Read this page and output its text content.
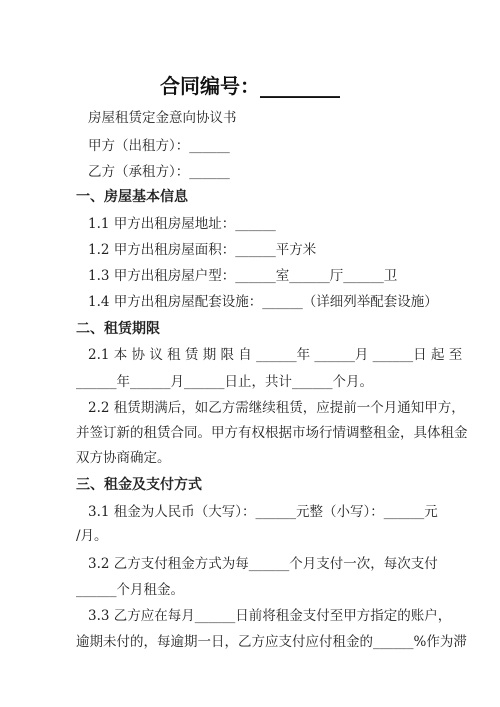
合同编号：________
房屋租赁定金意向协议书
甲方（出租方）：______
乙方（承租方）：______
一、房屋基本信息
1.1 甲方出租房屋地址：______
1.2 甲方出租房屋面积：______平方米
1.3 甲方出租房屋户型：______室______厅______卫
1.4 甲方出租房屋配套设施：______（详细列举配套设施）
二、租赁期限
2.1 本 协 议 租 赁 期 限 自 ______年 ______月 ______日 起 至
______年______月______日止，共计______个月。
2.2 租赁期满后，如乙方需继续租赁，应提前一个月通知甲方，
并签订新的租赁合同。甲方有权根据市场行情调整租金，具体租金
双方协商确定。
三、租金及支付方式
3.1 租金为人民币（大写）：______元整（小写）：______元
/月。
3.2 乙方支付租金方式为每______个月支付一次，每次支付
______个月租金。
3.3 乙方应在每月______日前将租金支付至甲方指定的账户，
逾期未付的，每逾期一日，乙方应支付应付租金的______%作为滞
